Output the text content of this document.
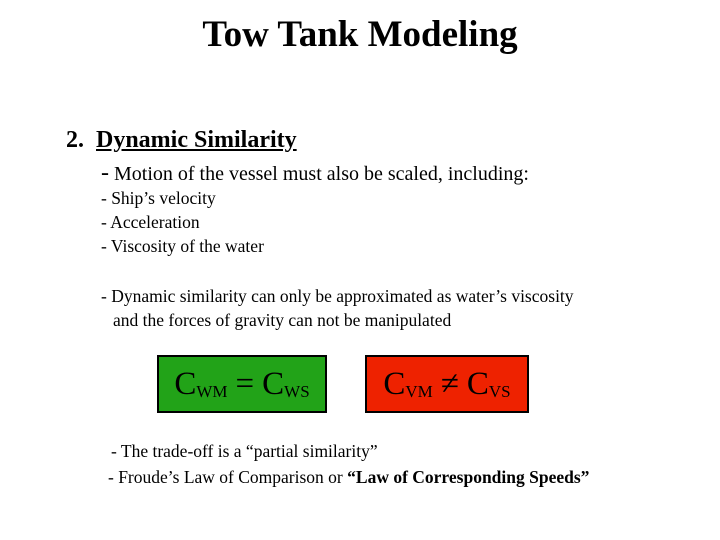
Tow Tank Modeling
2. Dynamic Similarity
- Motion of the vessel must also be scaled, including:
- Ship’s velocity
- Acceleration
- Viscosity of the water
- Dynamic similarity can only be approximated as water’s viscosity
and the forces of gravity can not be manipulated
C WM = C WS C VM ≠ C VS
- The trade-off is a “partial similarity”
- Froude’s Law of Comparison or “Law of Corresponding Speeds”
